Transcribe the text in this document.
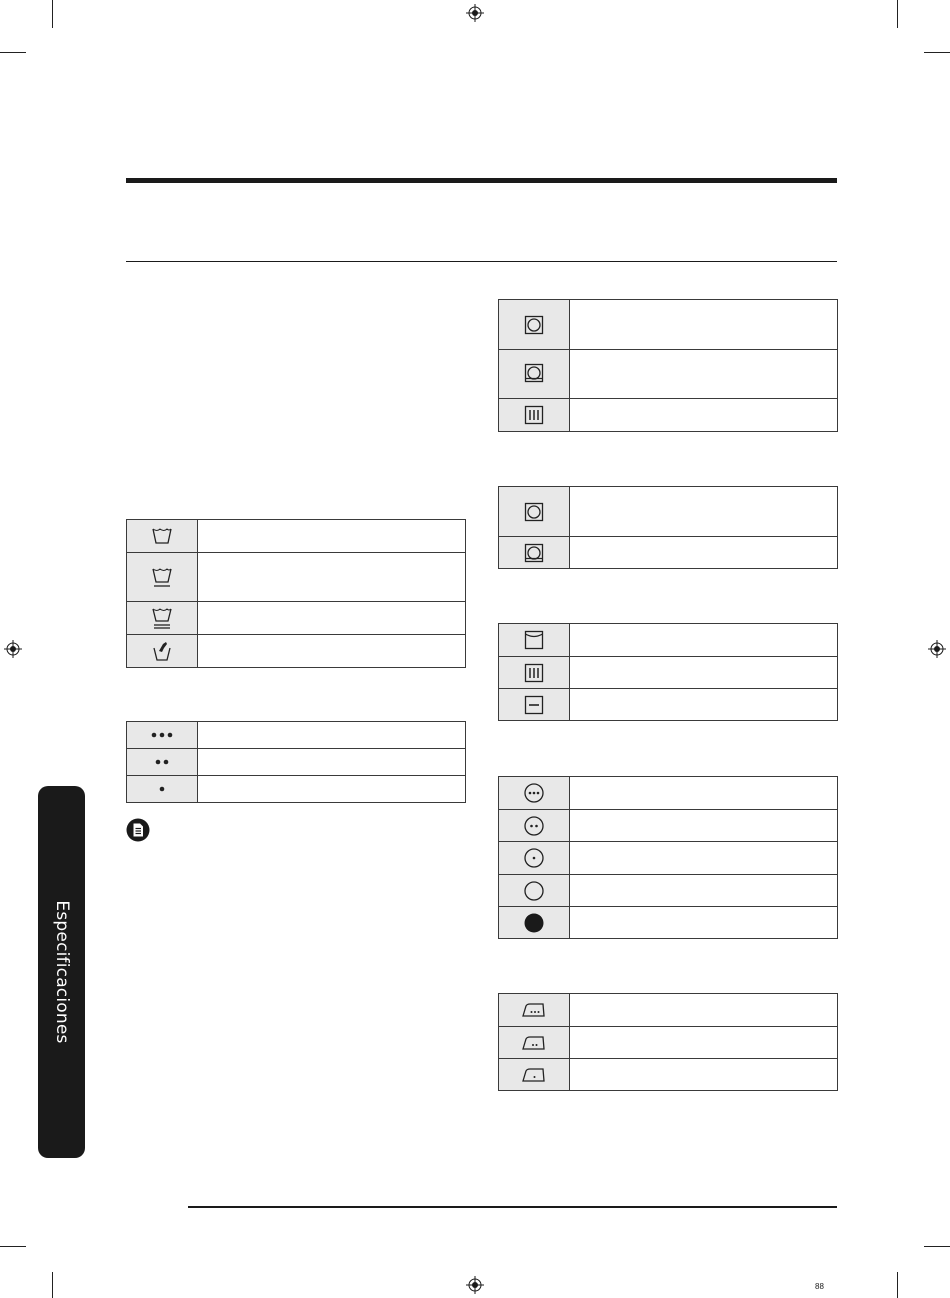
Especificaciones
88
